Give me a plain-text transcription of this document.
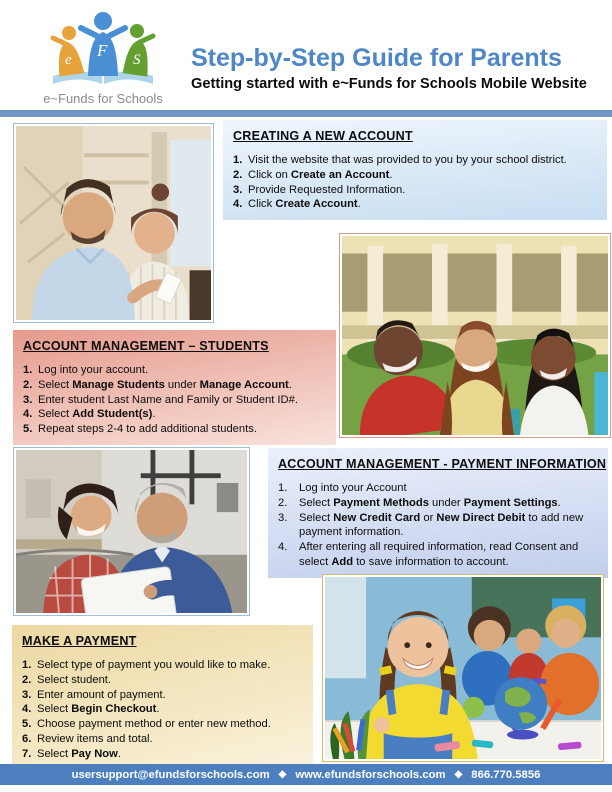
e	S
F
e~Funds for Schools
Step-by-Step Guide for Parents
Getting started with e~Funds for Schools Mobile Website
CREATING A NEW ACCOUNT
1. Visit the website that was provided to you by your school district.
2. Click on Create an Account.
3. Provide Requested Information.
4. Click Create Account.
ACCOUNT MANAGEMENT – STUDENTS
1. Log into your account.
2. Select Manage Students under Manage Account.
3. Enter student Last Name and Family or Student ID#.
4. Select Add Student(s).
5. Repeat steps 2-4 to add additional students.
ACCOUNT MANAGEMENT - PAYMENT INFORMATION
1.	Log into your Account
2.	Select Payment Methods under Payment Settings.
3.	Select New Credit Card or New Direct Debit to add new payment information.
4.	After entering all required information, read Consent and select Add to save information to account.
MAKE A PAYMENT
1. Select type of payment you would like to make.
2. Select student.
3. Enter amount of payment.
4. Select Begin Checkout.
5. Choose payment method or enter new method.
6. Review items and total.
7. Select Pay Now.
usersupport@efundsforschools.com ◆ www.efundsforschools.com ◆ 866.770.5856
